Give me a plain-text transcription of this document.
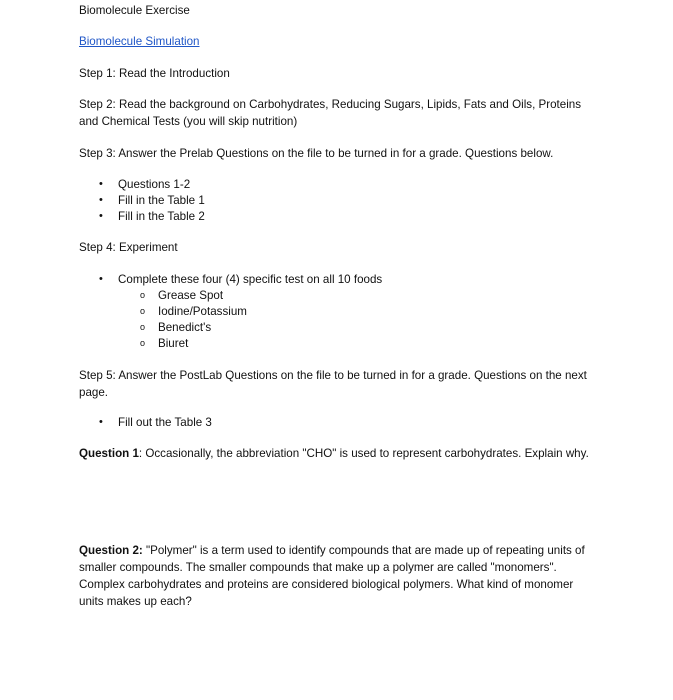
Biomolecule Exercise

Biomolecule Simulation

Step 1: Read the Introduction

Step 2: Read the background on Carbohydrates, Reducing Sugars, Lipids, Fats and Oils, Proteins and Chemical Tests (you will skip nutrition)

Step 3: Answer the Prelab Questions on the file to be turned in for a grade. Questions below.

• Questions 1-2
• Fill in the Table 1
• Fill in the Table 2

Step 4: Experiment

• Complete these four (4) specific test on all 10 foods
o Grease Spot
o Iodine/Potassium
o Benedict's
o Biuret

Step 5: Answer the PostLab Questions on the file to be turned in for a grade. Questions on the next page.

• Fill out the Table 3

Question 1: Occasionally, the abbreviation "CHO" is used to represent carbohydrates. Explain why.

Question 2: "Polymer" is a term used to identify compounds that are made up of repeating units of smaller compounds. The smaller compounds that make up a polymer are called "monomers". Complex carbohydrates and proteins are considered biological polymers. What kind of monomer units makes up each?
